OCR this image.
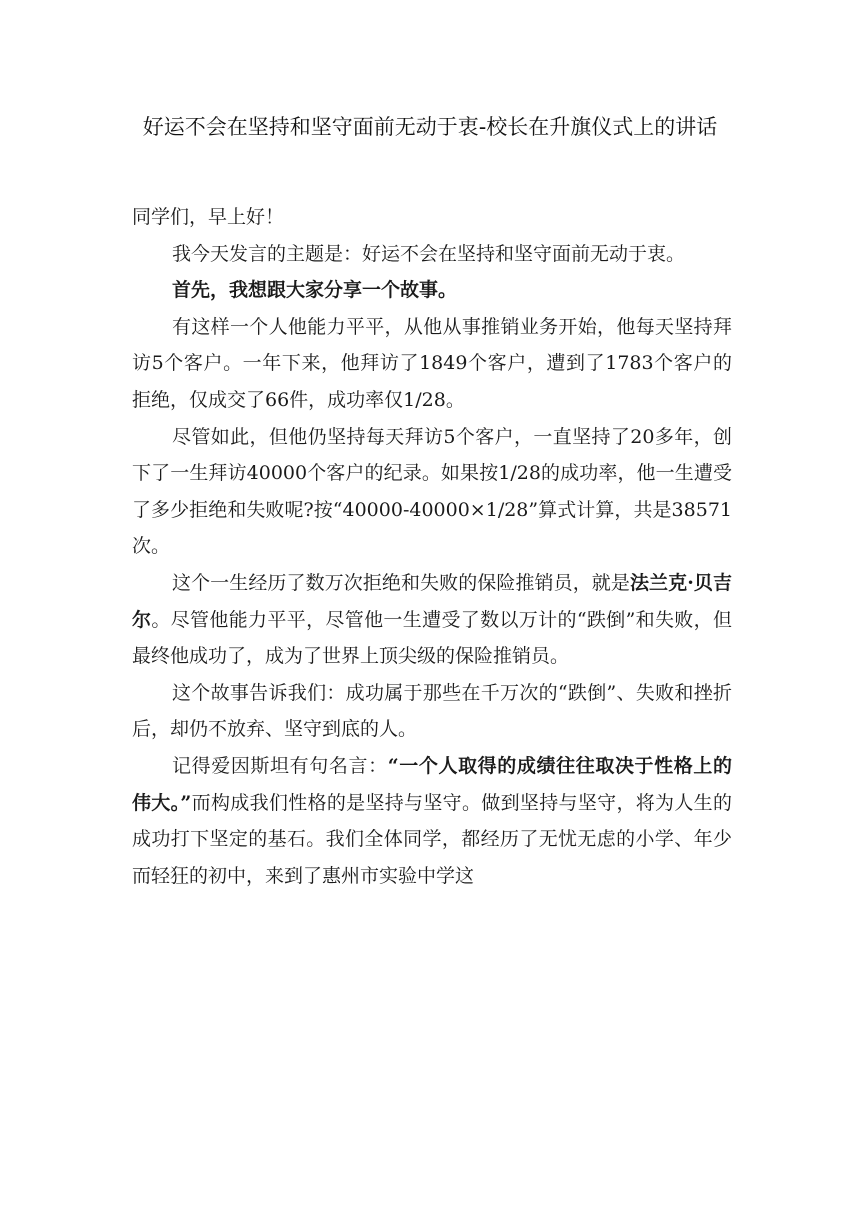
好运不会在坚持和坚守面前无动于衷-校长在升旗仪式上的讲话

同学们，早上好！

我今天发言的主题是：好运不会在坚持和坚守面前无动于衷。

首先，我想跟大家分享一个故事。

有这样一个人他能力平平，从他从事推销业务开始，他每天坚持拜访5个客户。一年下来，他拜访了1849个客户，遭到了1783个客户的拒绝，仅成交了66件，成功率仅1/28。

尽管如此，但他仍坚持每天拜访5个客户，一直坚持了20多年，创下了一生拜访40000个客户的纪录。如果按1/28的成功率，他一生遭受了多少拒绝和失败呢?按“40000-40000×1/28”算式计算，共是38571次。

这个一生经历了数万次拒绝和失败的保险推销员，就是法兰克·贝吉尔。尽管他能力平平，尽管他一生遭受了数以万计的“跌倒”和失败，但最终他成功了，成为了世界上顶尖级的保险推销员。

这个故事告诉我们：成功属于那些在千万次的“跌倒”、失败和挫折后，却仍不放弃、坚守到底的人。

记得爱因斯坦有句名言：“一个人取得的成绩往往取决于性格上的伟大。”而构成我们性格的是坚持与坚守。做到坚持与坚守，将为人生的成功打下坚定的基石。我们全体同学，都经历了无忧无虑的小学、年少而轻狂的初中，来到了惠州市实验中学这
